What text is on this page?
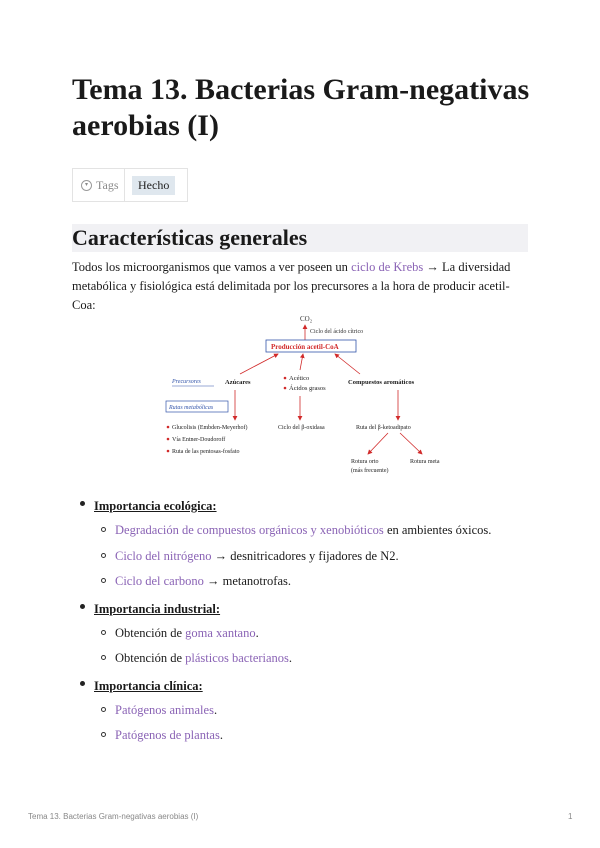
Tema 13. Bacterias Gram-negativas aerobias (I)
▾ Tags	Hecho
Características generales

Todos los microorganismos que vamos a ver poseen un ciclo de Krebs → La diversidad metabólica y fisiológica está delimitada por los precursores a la hora de producir acetil-Coa:

CO₂
Ciclo del ácido cítrico
Producción acetil-CoA
Precursores	Azúcares
Acético
Ácidos grasos
Compuestos aromáticos
Rutas metabólicas
Glucolisis (Embden-Meyerhof)
Vía Entner-Doudoroff
Ruta de las pentosas-fosfato
Ciclo del β-oxidasa	Ruta del β-ketoadipato
Rotura orto
(más frecuente)
Rotura meta
Importancia ecológica:
Degradación de compuestos orgánicos y xenobióticos en ambientes óxicos.
Ciclo del nitrógeno → desnitricadores y fijadores de N2.
Ciclo del carbono → metanotrofas.
Importancia industrial:
Obtención de goma xantano.
Obtención de plásticos bacterianos.
Importancia clínica:
Patógenos animales.
Patógenos de plantas.
Tema 13. Bacterias Gram-negativas aerobias (I)	1
